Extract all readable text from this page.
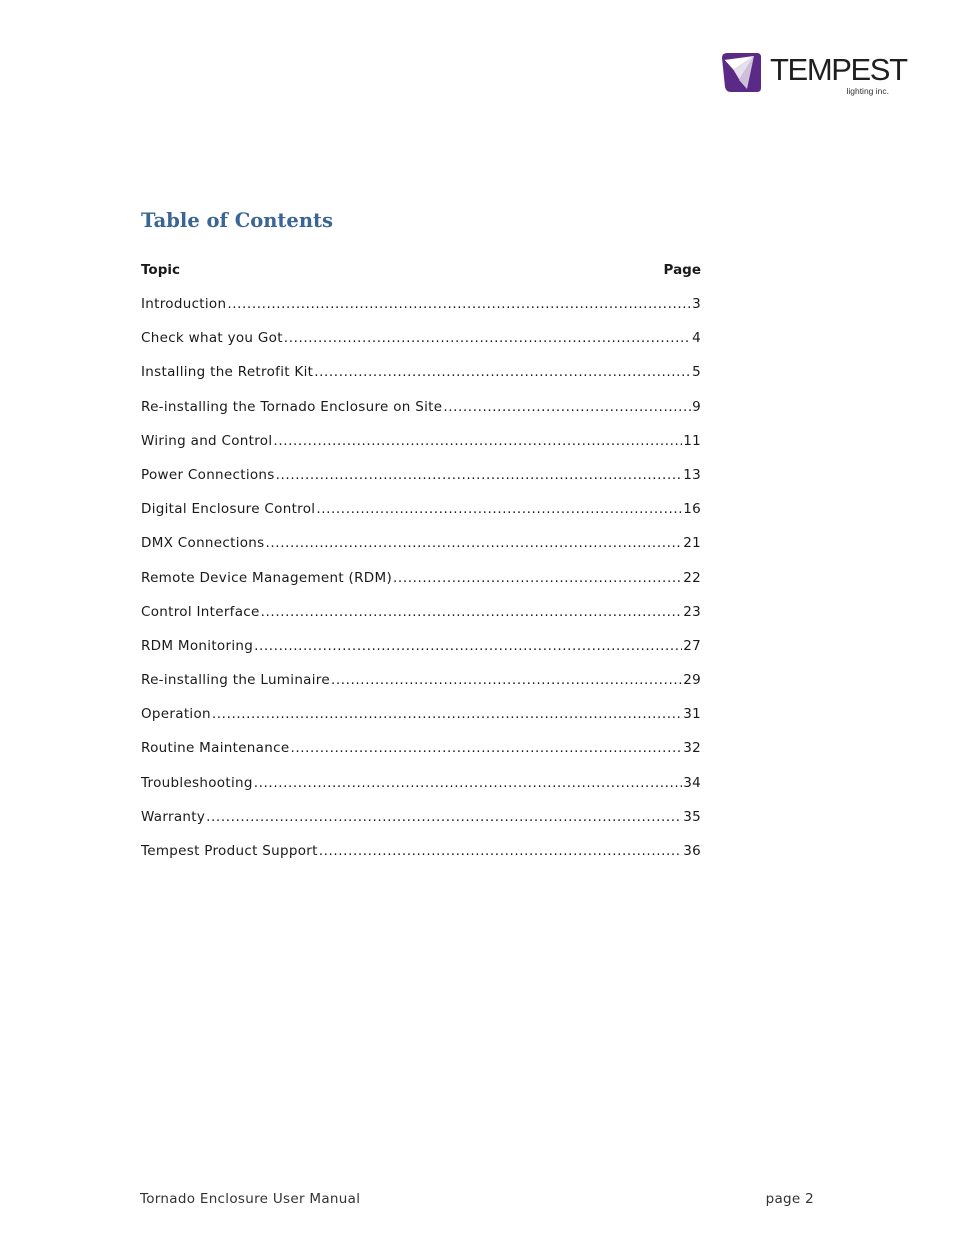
TEMPEST
lighting inc.
Table of Contents
Topic	Page
Introduction .....	3
Check what you Got .....	4
Installing the Retrofit Kit .....	5
Re-installing the Tornado Enclosure on Site .....	9
Wiring and Control .....	11
Power Connections .....	13
Digital Enclosure Control .....	16
DMX Connections .....	21
Remote Device Management (RDM) .....	22
Control Interface .....	23
RDM Monitoring .....	27
Re-installing the Luminaire .....	29
Operation .....	31
Routine Maintenance .....	32
Troubleshooting .....	34
Warranty .....	35
Tempest Product Support .....	36
Tornado Enclosure User Manual	page 2
